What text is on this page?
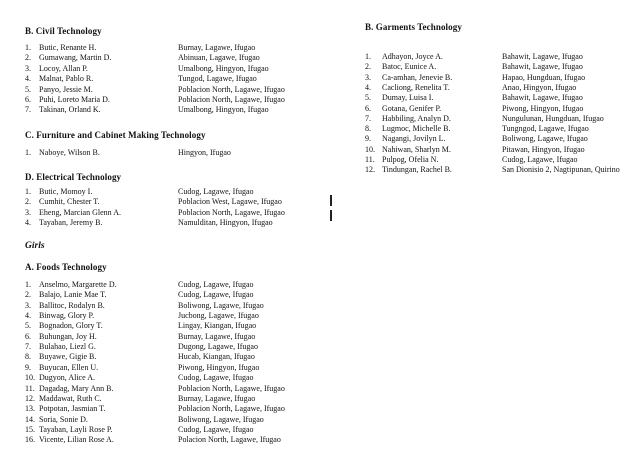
B. Civil Technology
C. Furniture and Cabinet Making Technology
D. Electrical Technology
Girls
A. Foods Technology
1. Butic, Renante H.	Burnay, Lagawe, Ifugao
2. Gumawang, Martin D.	Abinuan, Lagawe, Ifugao
3. Locoy, Allan P.	Umalbong, Hingyon, Ifugao
4. Malnat, Pablo R.	Tungod, Lagawe, Ifugao
5. Panyo, Jessie M.	Poblacion North, Lagawe, Ifugao
6. Puhi, Loreto Maria D.	Poblacion North, Lagawe, Ifugao
7. Takinan, Orland K.	Umalbong, Hingyon, Ifugao
1. Naboye, Wilson B.	Hingyon, Ifugao
1. Butic, Momoy I.	Cudog, Lagawe, Ifugao
2. Cumhit, Chester T.	Poblacion West, Lagawe, Ifugao
3. Eheng, Marcian Glenn A.	Poblacion North, Lagawe, Ifugao
4. Tayaban, Jeremy B.	Namulditan, Hingyon, Ifugao
1. Anselmo, Margarette D.	Cudog, Lagawe, Ifugao
2. Balajo, Lanie Mae T.	Cudog, Lagawe, Ifugao
3. Ballitoc, Rodalyn B.	Boliwong, Lagawe, Ifugao
4. Binwag, Glory P.	Jucbong, Lagawe, Ifugao
5. Bognadon, Glory T.	Lingay, Kiangan, Ifugao
6. Buhungan, Joy H.	Burnay, Lagawe, Ifugao
7. Bulahao, Liezl G.	Dugong, Lagawe, Ifugao
8. Buyawe, Gigie B.	Hucab, Kiangan, Ifugao
9. Buyucan, Ellen U.	Piwong, Hingyon, Ifugao
10. Dugyon, Alice A.	Cudog, Lagawe, Ifugao
11. Dagadag, Mary Ann B.	Poblacion North, Lagawe, Ifugao
12. Maddawat, Ruth C.	Burnay, Lagawe, Ifugao
13. Potpotan, Jasmian T.	Poblacion North, Lagawe, Ifugao
14. Soria, Sonie D.	Boliwong, Lagawe, Ifugao
15. Tayaban, Layli Rose P.	Cudog, Lagawe, Ifugao
16. Vicente, Lilian Rose A.	Polacion North, Lagawe, Ifugao
B. Garments Technology
1. Adhayon, Joyce A.	Bahawit, Lagawe, Ifugao
2. Batoc, Eunice A.	Bahawit, Lagawe, Ifugao
3. Ca-amhan, Jenevie B.	Hapao, Hungduan, Ifugao
4. Cacliong, Renelita T.	Anao, Hingyon, Ifugao
5. Dumay, Luisa I.	Bahawit, Lagawe, Ifugao
6. Gotana, Genifer P.	Piwong, Hingyon, Ifugao
7. Habbiling, Analyn D.	Nungulunan, Hungduan, Ifugao
8. Lugmoc, Michelle B.	Tungngod, Lagawe, Ifugao
9. Nagangi, Jovilyn L.	Boliwong, Lagawe, Ifugao
10. Nahiwan, Sharlyn M.	Pitawan, Hingyon, Ifugao
11. Pulpog, Ofelia N.	Cudog, Lagawe, Ifugao
12. Tindungan, Rachel B.	San Dionisio 2, Nagtipunan, Quirino
